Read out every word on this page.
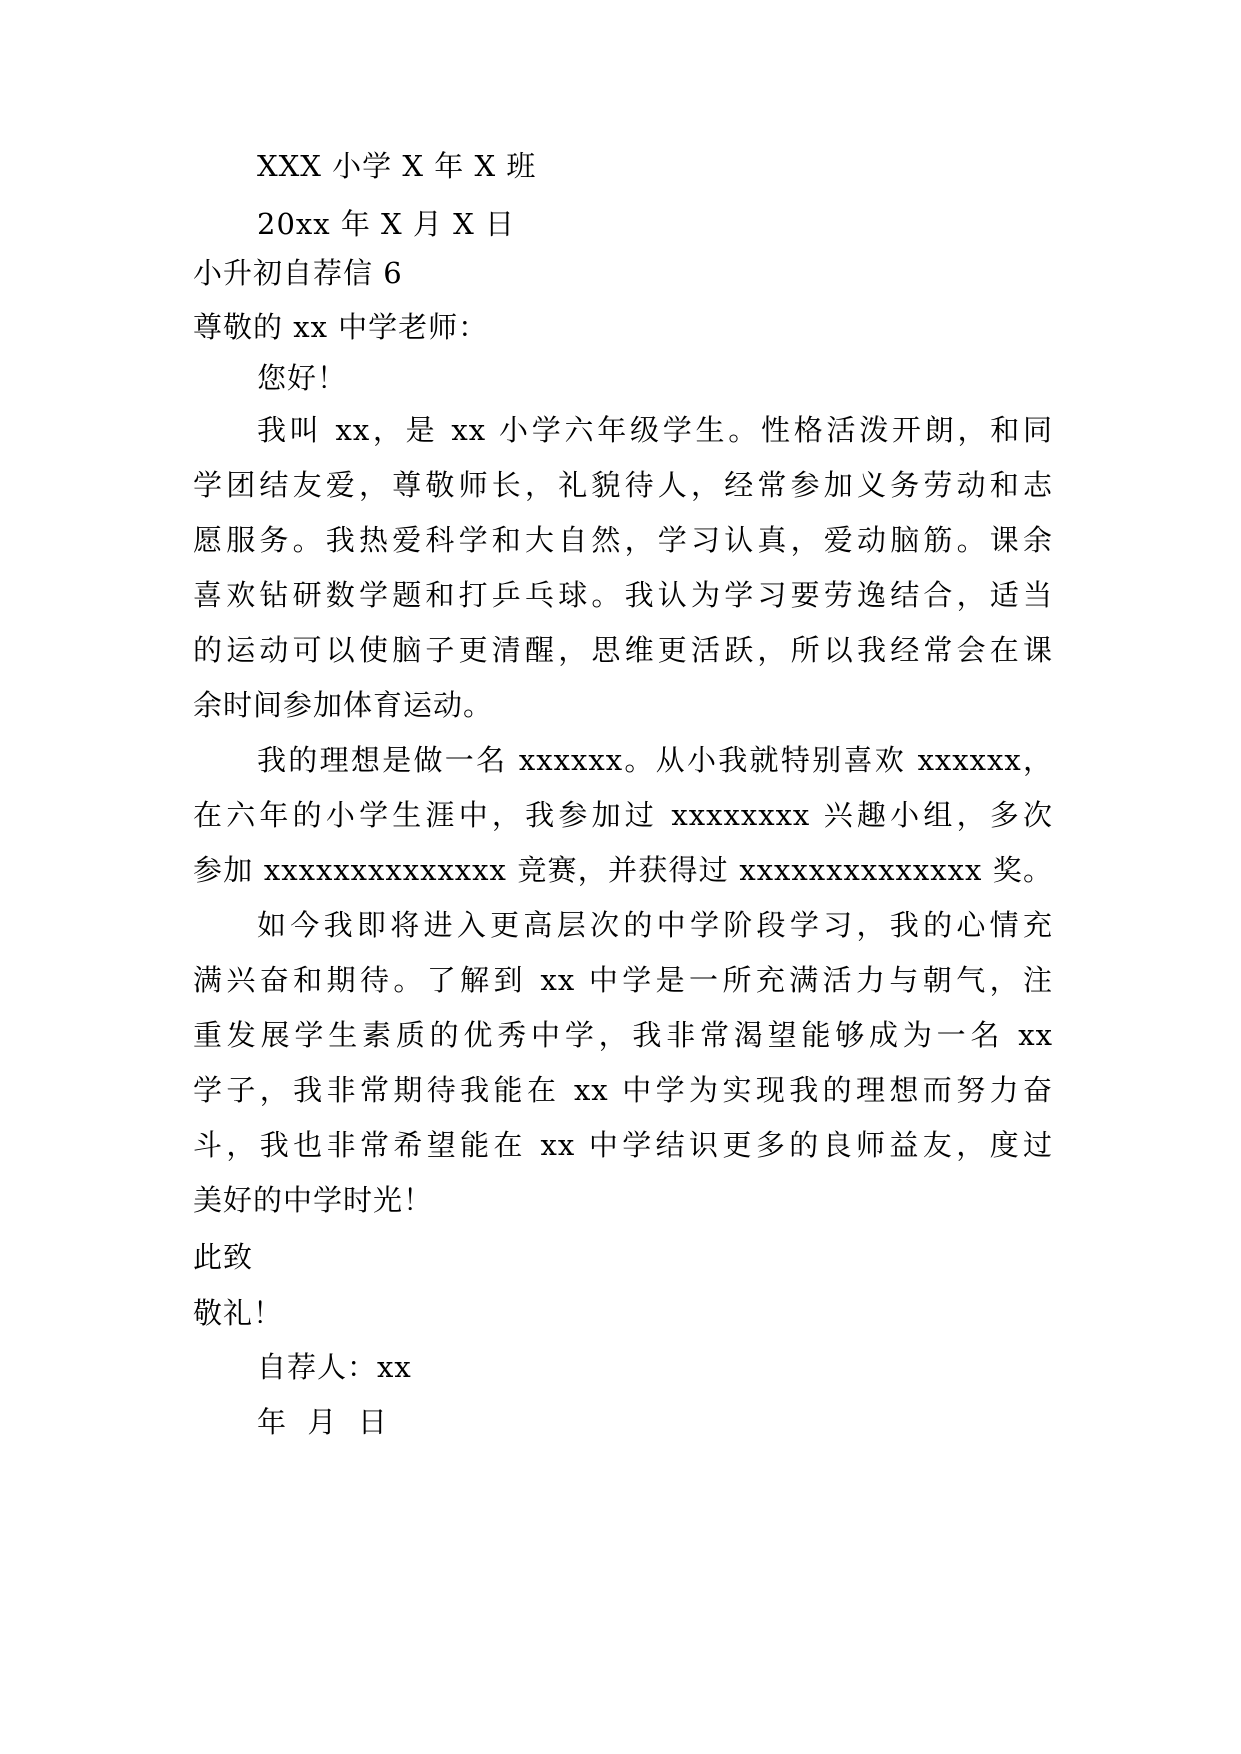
XXX 小学 X 年 X 班
20xx 年 X 月 X 日
小升初自荐信 6
尊敬的 xx 中学老师：
您好！
我叫 xx，是 xx 小学六年级学生。性格活泼开朗，和同
学团结友爱，尊敬师长，礼貌待人，经常参加义务劳动和志
愿服务。我热爱科学和大自然，学习认真，爱动脑筋。课余
喜欢钻研数学题和打乒乓球。我认为学习要劳逸结合，适当
的运动可以使脑子更清醒，思维更活跃，所以我经常会在课
余时间参加体育运动。
我的理想是做一名 xxxxxx。从小我就特别喜欢 xxxxxx，
在六年的小学生涯中，我参加过 xxxxxxxx 兴趣小组，多次
参加 xxxxxxxxxxxxxx 竞赛，并获得过 xxxxxxxxxxxxxx 奖。
如今我即将进入更高层次的中学阶段学习，我的心情充
满兴奋和期待。了解到 xx 中学是一所充满活力与朝气，注
重发展学生素质的优秀中学，我非常渴望能够成为一名 xx
学子，我非常期待我能在 xx 中学为实现我的理想而努力奋
斗，我也非常希望能在 xx 中学结识更多的良师益友，度过
美好的中学时光！
此致
敬礼！
自荐人：xx
年  月  日
